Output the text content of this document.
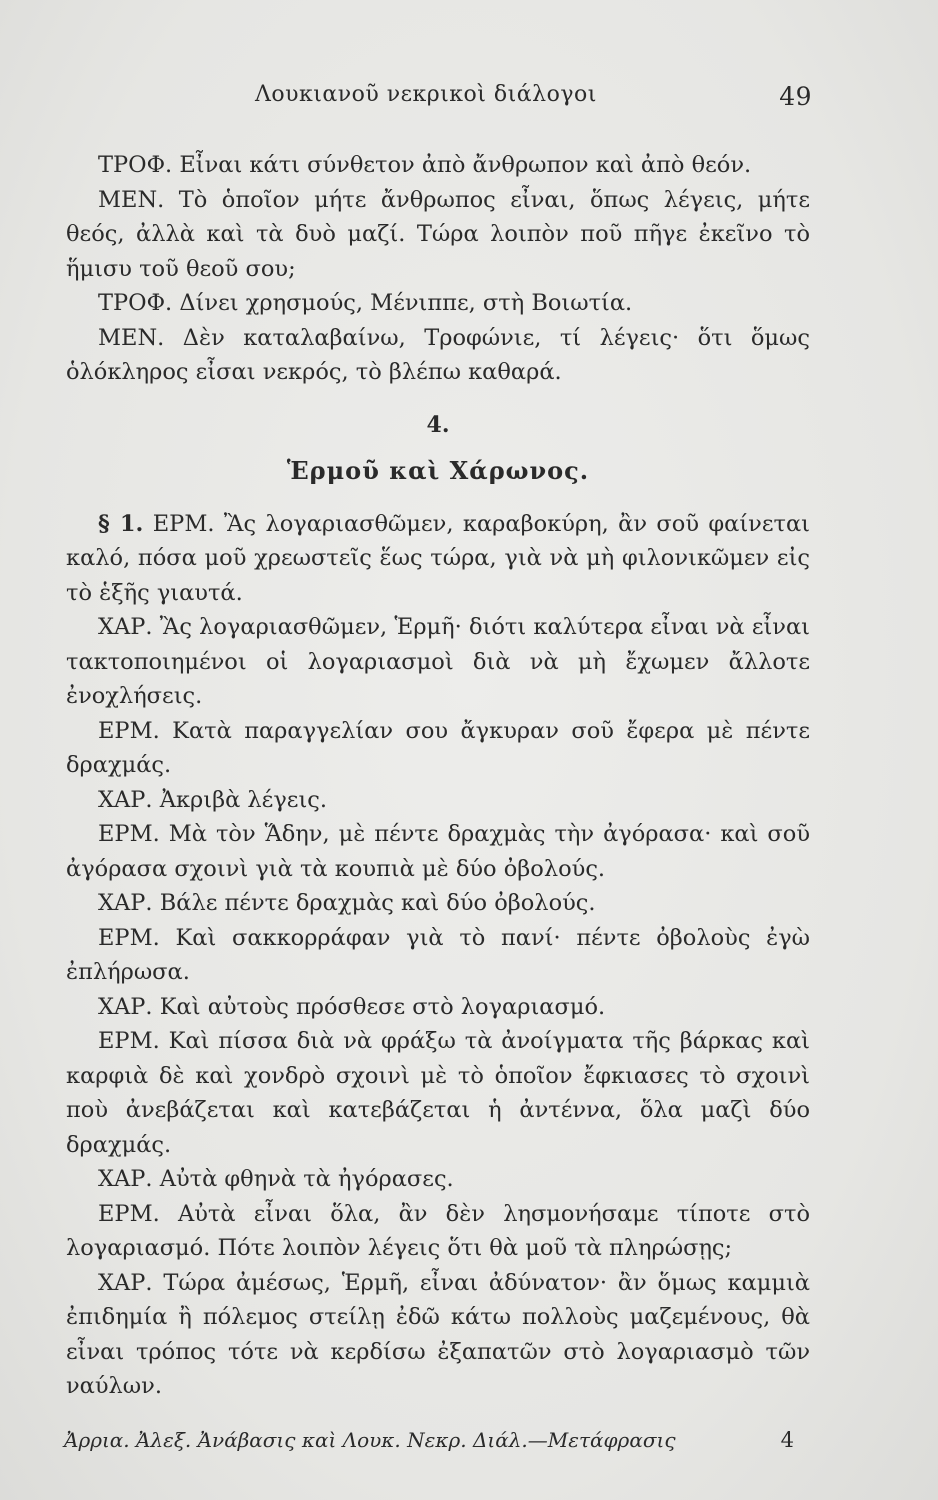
Λουκιανοῦ νεκρικοὶ διάλογοι	49

ΤΡΟΦ. Εἶναι κάτι σύνθετον ἀπὸ ἄνθρωπον καὶ ἀπὸ θεόν.

ΜΕΝ. Τὸ ὁποῖον μήτε ἄνθρωπος εἶναι, ὅπως λέγεις, μήτε θεός, ἀλλὰ καὶ τὰ δυὸ μαζί. Τώρα λοιπὸν ποῦ πῆγε ἐκεῖνο τὸ ἥμισυ τοῦ θεοῦ σου;

ΤΡΟΦ. Δίνει χρησμούς, Μένιππε, στὴ Βοιωτία.

ΜΕΝ. Δὲν καταλαβαίνω, Τροφώνιε, τί λέγεις· ὅτι ὅμως ὁλόκληρος εἶσαι νεκρός, τὸ βλέπω καθαρά.

4.
Ἑρμοῦ καὶ Χάρωνος.

§ 1. ΕΡΜ. Ἂς λογαριασθῶμεν, καραβοκύρη, ἂν σοῦ φαίνεται καλό, πόσα μοῦ χρεωστεῖς ἕως τώρα, γιὰ νὰ μὴ φιλονικῶμεν εἰς τὸ ἑξῆς γιαυτά.

ΧΑΡ. Ἂς λογαριασθῶμεν, Ἑρμῆ· διότι καλύτερα εἶναι νὰ εἶναι τακτοποιημένοι οἱ λογαριασμοὶ διὰ νὰ μὴ ἔχωμεν ἄλλοτε ἐνοχλήσεις.

ΕΡΜ. Κατὰ παραγγελίαν σου ἄγκυραν σοῦ ἔφερα μὲ πέντε δραχμάς.

ΧΑΡ. Ἀκριβὰ λέγεις.

ΕΡΜ. Μὰ τὸν Ἅδην, μὲ πέντε δραχμὰς τὴν ἀγόρασα· καὶ σοῦ ἀγόρασα σχοινὶ γιὰ τὰ κουπιὰ μὲ δύο ὀβολούς.

ΧΑΡ. Βάλε πέντε δραχμὰς καὶ δύο ὀβολούς.

ΕΡΜ. Καὶ σακκορράφαν γιὰ τὸ πανί· πέντε ὀβολοὺς ἐγὼ ἐπλήρωσα.

ΧΑΡ. Καὶ αὐτοὺς πρόσθεσε στὸ λογαριασμό.

ΕΡΜ. Καὶ πίσσα διὰ νὰ φράξω τὰ ἀνοίγματα τῆς βάρκας καὶ καρφιὰ δὲ καὶ χονδρὸ σχοινὶ μὲ τὸ ὁποῖον ἔφκιασες τὸ σχοινὶ ποὺ ἀνεβάζεται καὶ κατεβάζεται ἡ ἀντέννα, ὅλα μαζὶ δύο δραχμάς.

ΧΑΡ. Αὐτὰ φθηνὰ τὰ ἠγόρασες.

ΕΡΜ. Αὐτὰ εἶναι ὅλα, ἂν δὲν λησμονήσαμε τίποτε στὸ λογαριασμό. Πότε λοιπὸν λέγεις ὅτι θὰ μοῦ τὰ πληρώσῃς;

ΧΑΡ. Τώρα ἀμέσως, Ἑρμῆ, εἶναι ἀδύνατον· ἂν ὅμως καμμιὰ ἐπιδημία ἢ πόλεμος στείλῃ ἐδῶ κάτω πολλοὺς μαζεμένους, θὰ εἶναι τρόπος τότε νὰ κερδίσω ἐξαπατῶν στὸ λογαριασμὸ τῶν ναύλων.

Ἀρρια. Ἀλεξ. Ἀνάβασις καὶ Λουκ. Νεκρ. Διάλ.—Μετάφρασις	4
